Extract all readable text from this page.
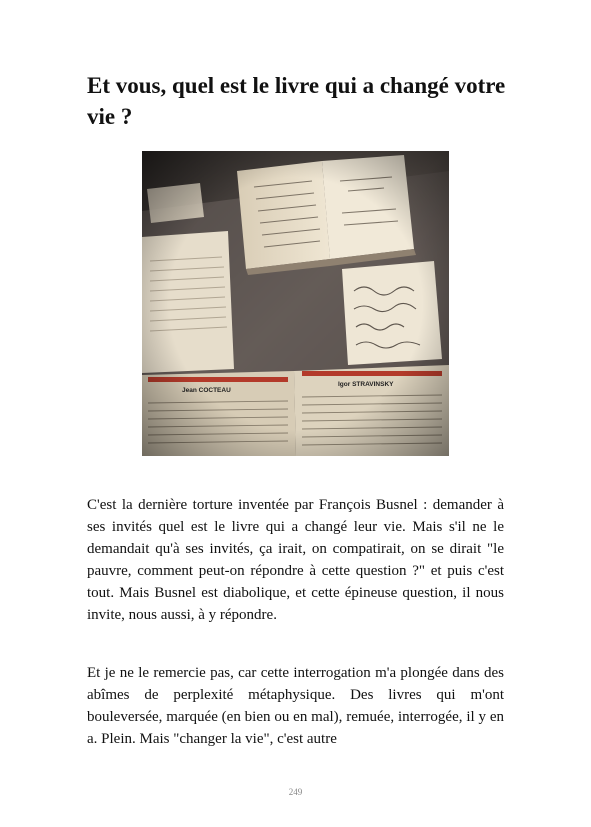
Et vous, quel est le livre qui a changé votre vie ?

C'est la dernière torture inventée par François Busnel : demander à ses invités quel est le livre qui a changé leur vie. Mais s'il ne le demandait qu'à ses invités, ça irait, on compatirait, on se dirait "le pauvre, comment peut-on répondre à cette question ?" et puis c'est tout. Mais Busnel est diabolique, et cette épineuse question, il nous invite, nous aussi, à y répondre.

Et je ne le remercie pas, car cette interrogation m'a plongée dans des abîmes de perplexité métaphysique. Des livres qui m'ont bouleversée, marquée (en bien ou en mal), remuée, interrogée, il y en a. Plein. Mais "changer la vie", c'est autre

249
